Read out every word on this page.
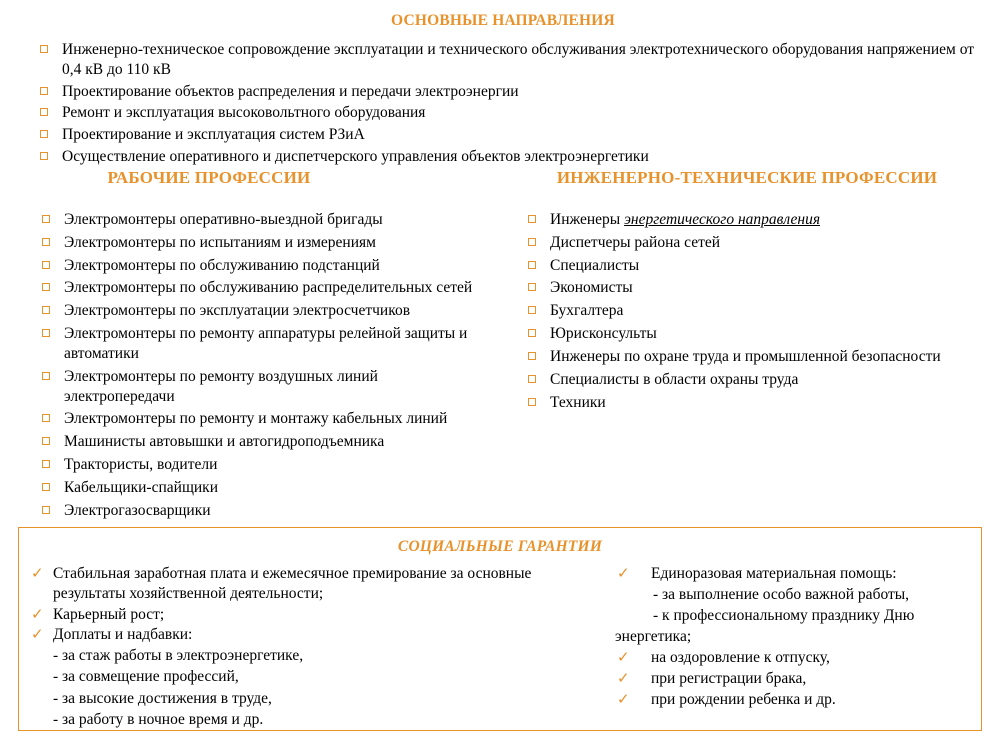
ОСНОВНЫЕ НАПРАВЛЕНИЯ
Инженерно-техническое сопровождение эксплуатации и технического обслуживания электротехнического оборудования напряжением от 0,4 кВ до 110 кВ
Проектирование объектов распределения и передачи электроэнергии
Ремонт и эксплуатация высоковольтного оборудования
Проектирование и эксплуатация систем РЗиА
Осуществление оперативного и диспетчерского управления объектов электроэнергетики
РАБОЧИЕ ПРОФЕССИИ
Электромонтеры оперативно-выездной бригады
Электромонтеры по испытаниям и измерениям
Электромонтеры по обслуживанию подстанций
Электромонтеры по обслуживанию распределительных сетей
Электромонтеры по эксплуатации электросчетчиков
Электромонтеры по ремонту аппаратуры релейной защиты и автоматики
Электромонтеры по ремонту воздушных линий электропередачи
Электромонтеры по ремонту и монтажу кабельных линий
Машинисты автовышки и автогидроподъемника
Трактористы, водители
Кабельщики-спайщики
Электрогазосварщики
ИНЖЕНЕРНО-ТЕХНИЧЕСКИЕ ПРОФЕССИИ
Инженеры энергетического направления
Диспетчеры района сетей
Специалисты
Экономисты
Бухгалтера
Юрисконсульты
Инженеры по охране труда и промышленной безопасности
Специалисты в области охраны труда
Техники
СОЦИАЛЬНЫЕ ГАРАНТИИ
✓ Стабильная заработная плата и ежемесячное премирование за основные результаты хозяйственной деятельности;
✓ Карьерный рост;
✓ Доплаты и надбавки:

- за стаж работы в электроэнергетике,

- за совмещение профессий,

- за высокие достижения в труде,

- за работу в ночное время и др.

✓ Единоразовая материальная помощь:

- за выполнение особо важной работы,

- к профессиональному празднику Дню

энергетика;

✓ на оздоровление к отпуску,
✓ при регистрации брака,
✓ при рождении ребенка и др.
